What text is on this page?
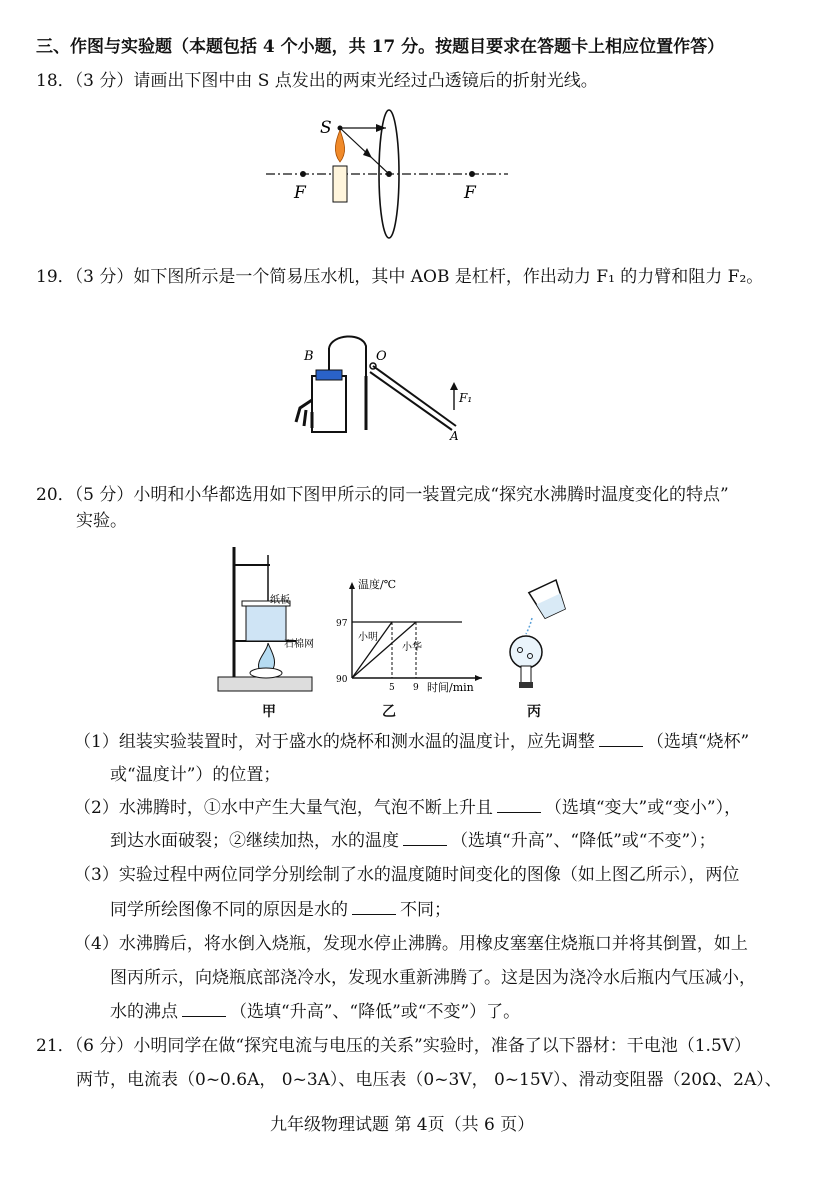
三、作图与实验题（本题包括 4 个小题，共 17 分。按题目要求在答题卡上相应位置作答）
18．（3 分）请画出下图中由 S 点发出的两束光经过凸透镜后的折射光线。
S
F	F
19．（3 分）如下图所示是一个简易压水机，其中 AOB 是杠杆，作出动力 F₁ 的力臂和阻力 F₂。
B	O
F₁
A
20．（5 分）小明和小华都选用如下图甲所示的同一装置完成“探究水沸腾时温度变化的特点”
实验。
纸板
石棉网
甲
温度/℃
时间/min
97
90
5 9
小明
小华
乙	丙
（1）组装实验装置时，对于盛水的烧杯和测水温的温度计，应先调整	（选填“烧杯”
或“温度计”）的位置；
（2）水沸腾时，①水中产生大量气泡，气泡不断上升且	（选填“变大”或“变小”），
到达水面破裂；②继续加热，水的温度	（选填“升高”、“降低”或“不变”）；
（3）实验过程中两位同学分别绘制了水的温度随时间变化的图像（如上图乙所示），两位
同学所绘图像不同的原因是水的	不同；
（4）水沸腾后，将水倒入烧瓶，发现水停止沸腾。用橡皮塞塞住烧瓶口并将其倒置，如上
图丙所示，向烧瓶底部浇冷水，发现水重新沸腾了。这是因为浇冷水后瓶内气压减小，
水的沸点	（选填“升高”、“降低”或“不变”）了。
21．（6 分）小明同学在做“探究电流与电压的关系”实验时，准备了以下器材：干电池（1.5V）
两节，电流表（0~0.6A， 0~3A）、电压表（0~3V， 0~15V）、滑动变阻器（20Ω、2A）、
九年级物理试题 第 4页（共 6 页）
